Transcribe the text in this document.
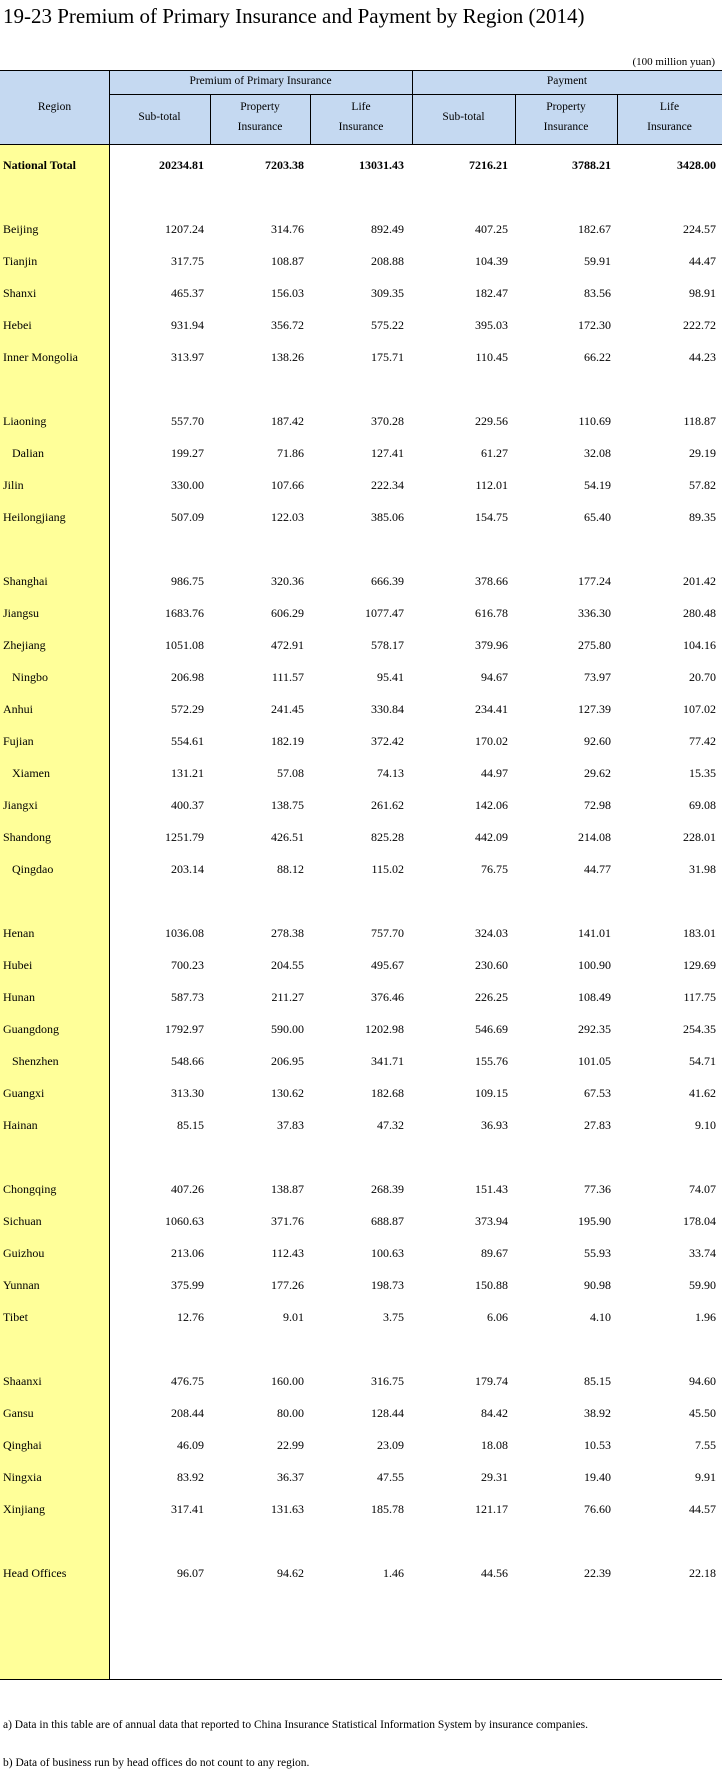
19-23 Premium of Primary Insurance and Payment by Region (2014)
(100 million yuan)
Region
Premium of Primary Insurance	Payment
Sub-total
Property
Insurance
Life
Insurance
Sub-total
Property
Insurance
Life
Insurance
National Total	20234.81	7203.38	13031.43	7216.21	3788.21	3428.00
Beijing	1207.24	314.76	892.49	407.25	182.67	224.57
Tianjin	317.75	108.87	208.88	104.39	59.91	44.47
Shanxi	465.37	156.03	309.35	182.47	83.56	98.91
Hebei	931.94	356.72	575.22	395.03	172.30	222.72
Inner Mongolia	313.97	138.26	175.71	110.45	66.22	44.23
Liaoning	557.70	187.42	370.28	229.56	110.69	118.87
Dalian	199.27	71.86	127.41	61.27	32.08	29.19
Jilin	330.00	107.66	222.34	112.01	54.19	57.82
Heilongjiang	507.09	122.03	385.06	154.75	65.40	89.35
Shanghai	986.75	320.36	666.39	378.66	177.24	201.42
Jiangsu	1683.76	606.29	1077.47	616.78	336.30	280.48
Zhejiang	1051.08	472.91	578.17	379.96	275.80	104.16
Ningbo	206.98	111.57	95.41	94.67	73.97	20.70
Anhui	572.29	241.45	330.84	234.41	127.39	107.02
Fujian	554.61	182.19	372.42	170.02	92.60	77.42
Xiamen	131.21	57.08	74.13	44.97	29.62	15.35
Jiangxi	400.37	138.75	261.62	142.06	72.98	69.08
Shandong	1251.79	426.51	825.28	442.09	214.08	228.01
Qingdao	203.14	88.12	115.02	76.75	44.77	31.98
Henan	1036.08	278.38	757.70	324.03	141.01	183.01
Hubei	700.23	204.55	495.67	230.60	100.90	129.69
Hunan	587.73	211.27	376.46	226.25	108.49	117.75
Guangdong	1792.97	590.00	1202.98	546.69	292.35	254.35
Shenzhen	548.66	206.95	341.71	155.76	101.05	54.71
Guangxi	313.30	130.62	182.68	109.15	67.53	41.62
Hainan	85.15	37.83	47.32	36.93	27.83	9.10
Chongqing	407.26	138.87	268.39	151.43	77.36	74.07
Sichuan	1060.63	371.76	688.87	373.94	195.90	178.04
Guizhou	213.06	112.43	100.63	89.67	55.93	33.74
Yunnan	375.99	177.26	198.73	150.88	90.98	59.90
Tibet	12.76	9.01	3.75	6.06	4.10	1.96
Shaanxi	476.75	160.00	316.75	179.74	85.15	94.60
Gansu	208.44	80.00	128.44	84.42	38.92	45.50
Qinghai	46.09	22.99	23.09	18.08	10.53	7.55
Ningxia	83.92	36.37	47.55	29.31	19.40	9.91
Xinjiang	317.41	131.63	185.78	121.17	76.60	44.57
Head Offices	96.07	94.62	1.46	44.56	22.39	22.18
a) Data in this table are of annual data that reported to China Insurance Statistical Information System by insurance companies.
b) Data of business run by head offices do not count to any region.
